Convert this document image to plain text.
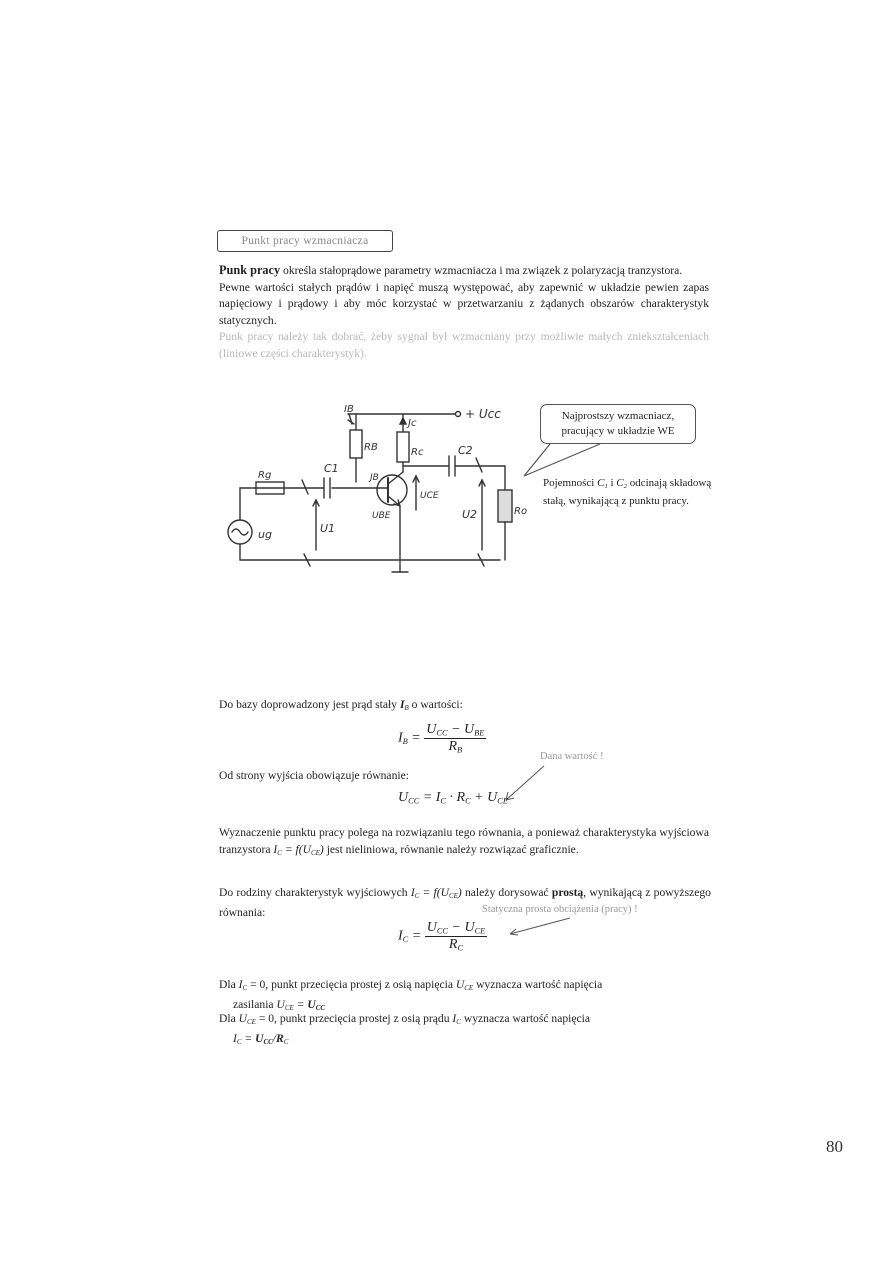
Punkt pracy wzmacniacza
Punk pracy określa stałoprądowe parametry wzmacniacza i ma związek z polaryzacją tranzystora.
Pewne wartości stałych prądów i napięć muszą występować, aby zapewnić w układzie pewien zapas napięciowy i prądowy i aby móc korzystać w przetwarzaniu z żądanych obszarów charakterystyk statycznych.
Punk pracy należy tak dobrać, żeby sygnał był wzmacniany przy możliwie małych zniekształceniach (liniowe części charakterystyk).
+ Ucc
IB
Jc
RB	Rc
C1
C2
Rg
ug	U1
U2	Ro
JB
UCE
UBE
Najprostszy wzmacniacz, pracujący w układzie WE
Pojemności $C_1$ i $C_2$ odcinają składową stałą, wynikającą z punktu pracy.
Do bazy doprowadzony jest prąd stały $I_B$ o wartości:
$I_B = \frac{U_{CC} - U_{BE}}{R_B}$
Dana wartość !
Od strony wyjścia obowiązuje równanie:
$U_{CC} = I_C \cdot R_C + U_{CE}$
Wyznaczenie punktu pracy polega na rozwiązaniu tego równania, a ponieważ charakterystyka wyjściowa tranzystora $I_C = f(U_{CE})$ jest nieliniowa, równanie należy rozwiązać graficznie.
Do rodziny charakterystyk wyjściowych $I_C = f(U_{CE})$ należy dorysować prostą, wynikającą z powyższego równania:	Statyczna prosta obciążenia (pracy) !
$I_C = \frac{U_{CC} - U_{CE}}{R_C}$
Dla $I_C = 0$, punkt przecięcia prostej z osią napięcia $U_{CE}$ wyznacza wartość napięcia
zasilania $U_{CE} = U_{CC}$
Dla $U_{CE} = 0$, punkt przecięcia prostej z osią prądu $I_C$ wyznacza wartość napięcia
$I_C = U_{CC}/R_C$
80
